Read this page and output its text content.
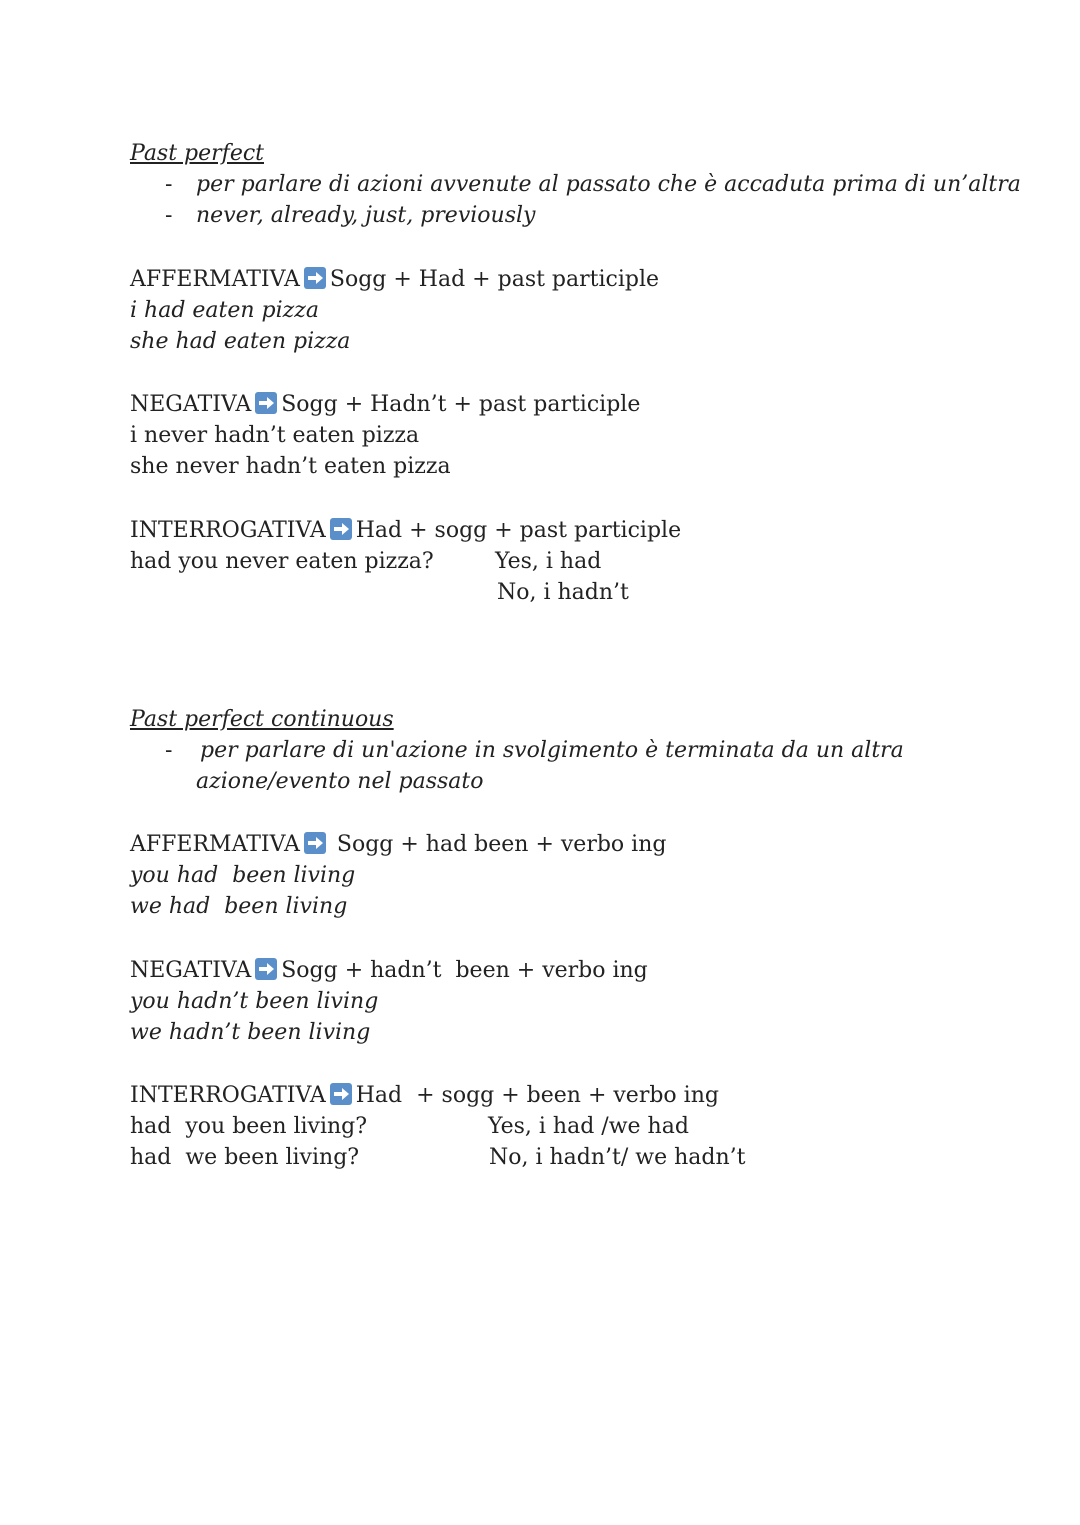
Past perfect
- per parlare di azioni avvenute al passato che è accaduta prima di un’altra
- never, already, just, previously
AFFERMATIVA Sogg + Had + past participle
i had eaten pizza
she had eaten pizza
NEGATIVA Sogg + Hadn’t + past participle
i never hadn’t eaten pizza
she never hadn’t eaten pizza
INTERROGATIVA Had + sogg + past participle
had you never eaten pizza?	Yes, i had
No, i hadn’t
Past perfect continuous
- per parlare di un'azione in svolgimento è terminata da un altra
azione/evento nel passato
AFFERMATIVA Sogg + had been + verbo ing
you had  been living
we had  been living
NEGATIVA Sogg + hadn’t  been + verbo ing
you hadn’t been living
we hadn’t been living
INTERROGATIVA Had  + sogg + been + verbo ing
had  you been living?
had  we been living?
Yes, i had /we had
No, i hadn’t/ we hadn’t
